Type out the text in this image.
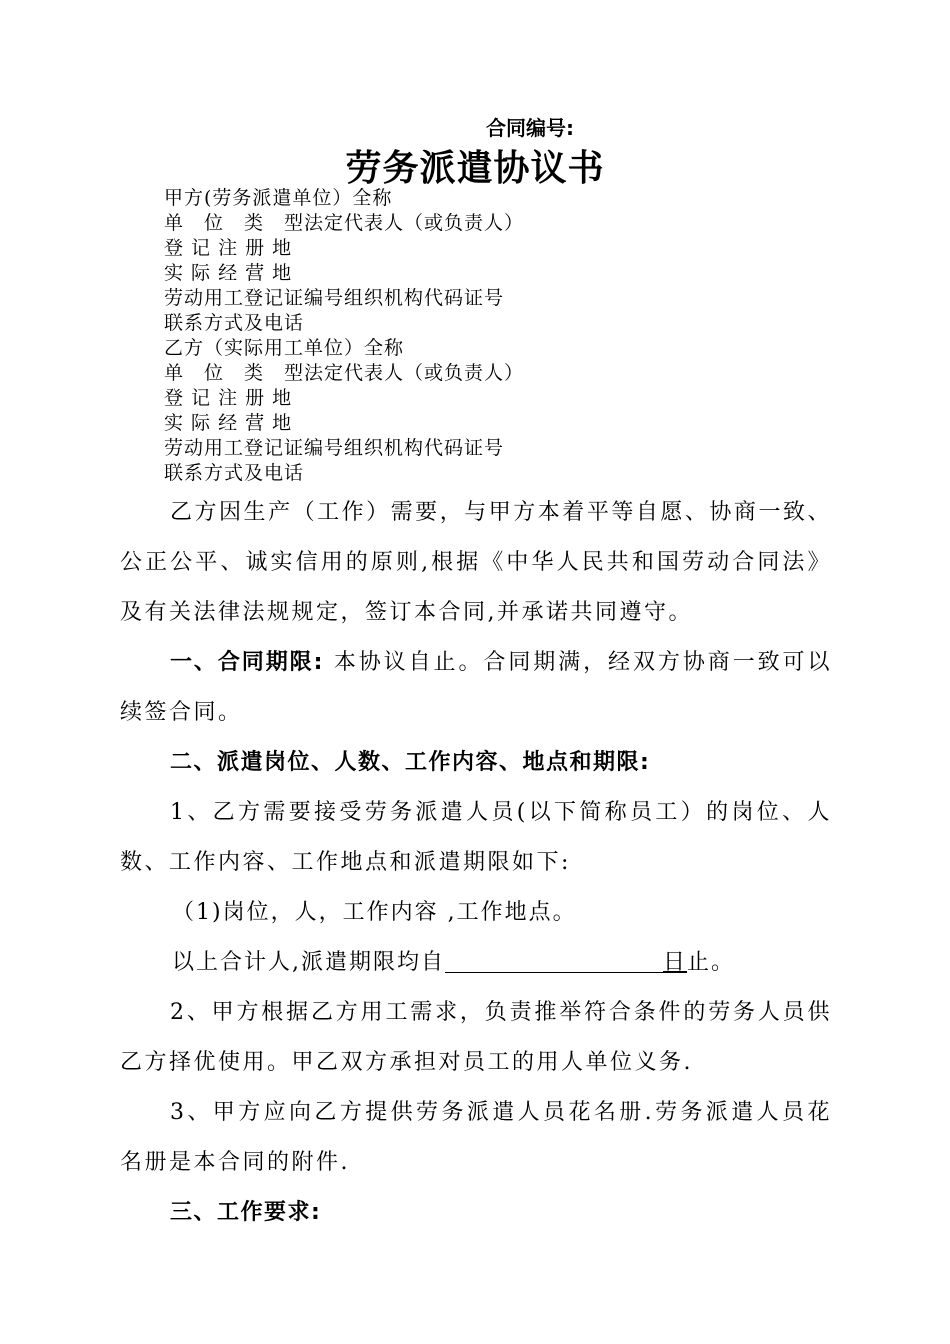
合同编号:
劳务派遣协议书
甲方(劳务派遣单位）全称
单　位　类　型法定代表人（或负责人）
登 记 注 册 地
实 际 经 营 地
劳动用工登记证编号组织机构代码证号
联系方式及电话
乙方（实际用工单位）全称
单　位　类　型法定代表人（或负责人）
登 记 注 册 地
实 际 经 营 地
劳动用工登记证编号组织机构代码证号
联系方式及电话

乙方因生产（工作）需要，与甲方本着平等自愿、协商一致、公正公平、诚实信用的原则,根据《中华人民共和国劳动合同法》及有关法律法规规定，签订本合同,并承诺共同遵守。

一、合同期限: 本协议自止。合同期满，经双方协商一致可以续签合同。

二、派遣岗位、人数、工作内容、地点和期限:

1、乙方需要接受劳务派遣人员(以下简称员工）的岗位、人数、工作内容、工作地点和派遣期限如下:

（1)岗位，人，工作内容 ,工作地点。

以上合计人,派遣期限均自	日止。

2、甲方根据乙方用工需求，负责推举符合条件的劳务人员供乙方择优使用。甲乙双方承担对员工的用人单位义务.

3、甲方应向乙方提供劳务派遣人员花名册.劳务派遣人员花名册是本合同的附件.

三、工作要求:
